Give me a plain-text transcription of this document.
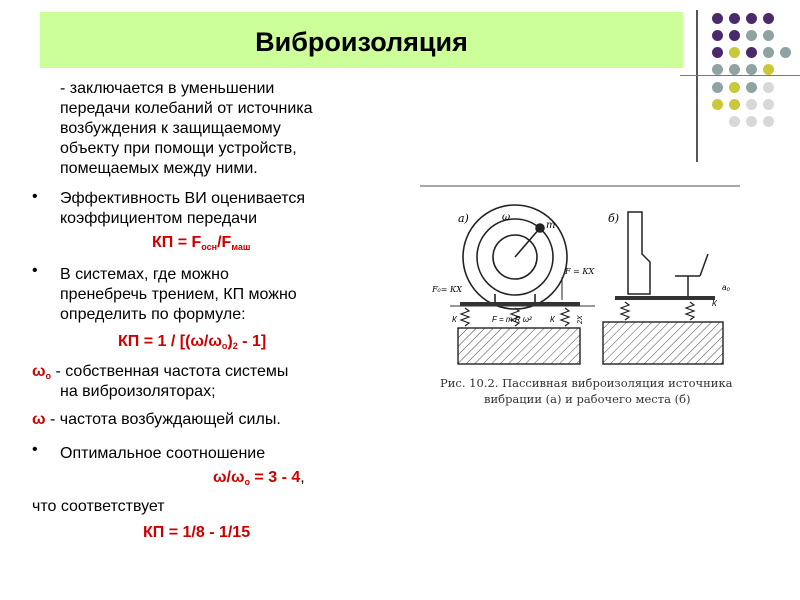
Виброизоляция
- заключается в уменьшении
передачи колебаний от источника
возбуждения к защищаемому
объекту при помощи устройств,
помещаемых между ними.
• Эффективность ВИ оценивается
коэффициентом передачи
КП = $F_{осн}/F_{маш}$
• В системах, где можно
пренебречь трением, КП можно
определить по формуле:
КП = $1 / [(\omega/\omega_o)_2 - 1]$
$\omega_o$ - собственная частота системы
на виброизоляторах;
ω - частота возбуждающей силы.
• Оптимальное соотношение
$\omega/\omega_o = 3 - 4$,
что соответствует
КП = 1/8 - 1/15
а)	б)
ω
m
F₀= КХ
F = КХ
К	К
F = m R ω²	2X
К
a₀
Рис. 10.2. Пассивная виброизоляция источника
вибрации (а) и рабочего места (б)
